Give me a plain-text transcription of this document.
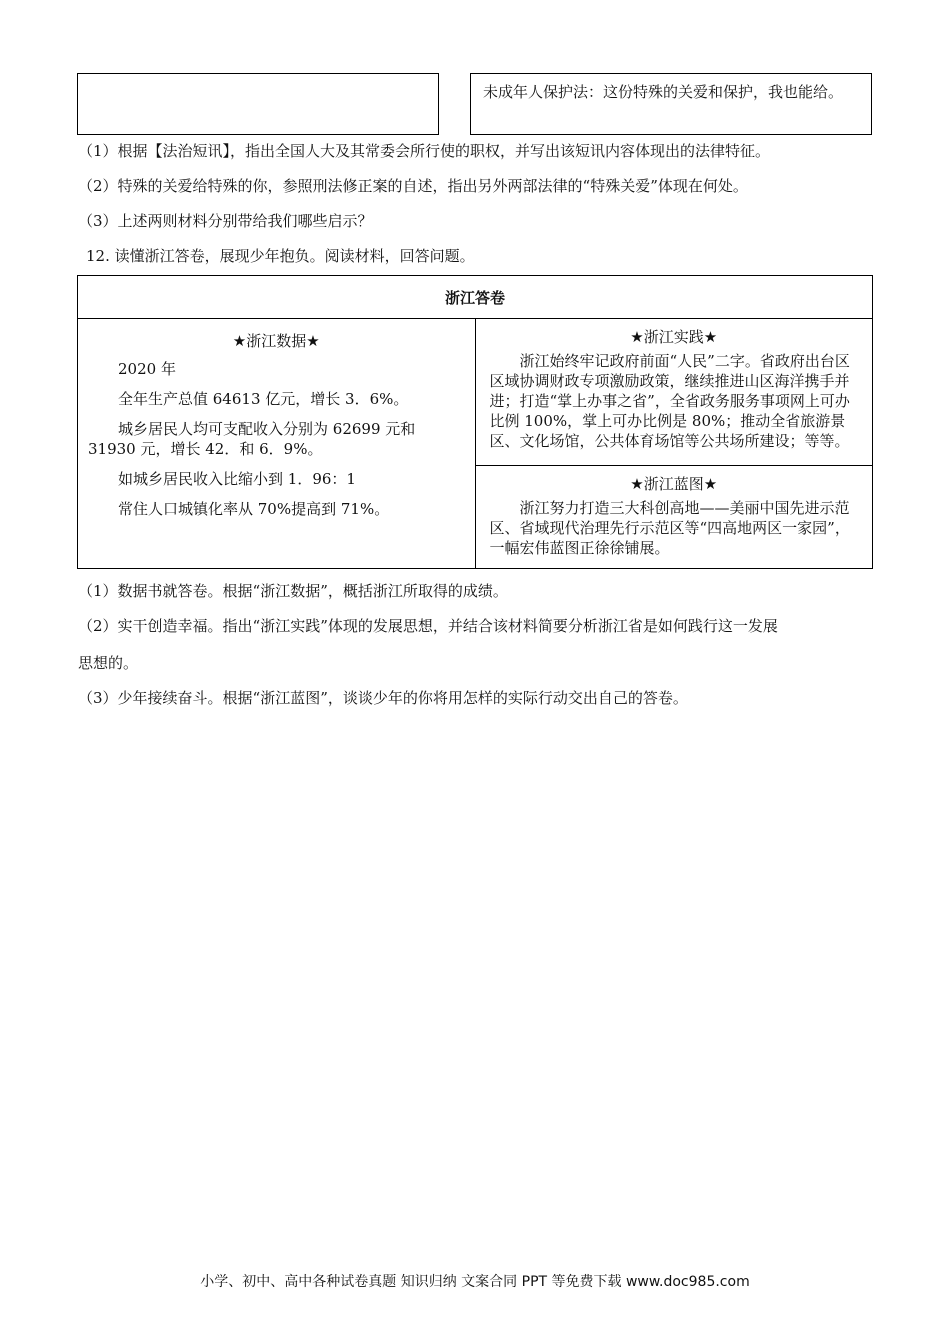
未成年人保护法：这份特殊的关爱和保护，我也能给。
（1）根据【法治短讯】，指出全国人大及其常委会所行使的职权，并写出该短讯内容体现出的法律特征。
（2）特殊的关爱给特殊的你，参照刑法修正案的自述，指出另外两部法律的“特殊关爱”体现在何处。
（3）上述两则材料分别带给我们哪些启示？
12. 读懂浙江答卷，展现少年抱负。阅读材料，回答问题。
浙江答卷

★浙江数据★

2020 年

全年生产总值 64613 亿元，增长 3．6%。

城乡居民人均可支配收入分别为 62699 元和 31930 元，增长 42．和 6．9%。

如城乡居民收入比缩小到 1．96：1

常住人口城镇化率从 70%提高到 71%。

★浙江实践★

浙江始终牢记政府前面“人民”二字。省政府出台区区域协调财政专项激励政策，继续推进山区海洋携手并进；打造“掌上办事之省”，全省政务服务事项网上可办比例 100%，掌上可办比例是 80%；推动全省旅游景区、文化场馆，公共体育场馆等公共场所建设；等等。

★浙江蓝图★

浙江努力打造三大科创高地——美丽中国先进示范区、省域现代治理先行示范区等“四高地两区一家园”，一幅宏伟蓝图正徐徐铺展。

（1）数据书就答卷。根据“浙江数据”，概括浙江所取得的成绩。
（2）实干创造幸福。指出“浙江实践”体现的发展思想，并结合该材料简要分析浙江省是如何践行这一发展
思想的。
（3）少年接续奋斗。根据“浙江蓝图”，谈谈少年的你将用怎样的实际行动交出自己的答卷。
小学、初中、高中各种试卷真题 知识归纳 文案合同 PPT 等免费下载 www.doc985.com
